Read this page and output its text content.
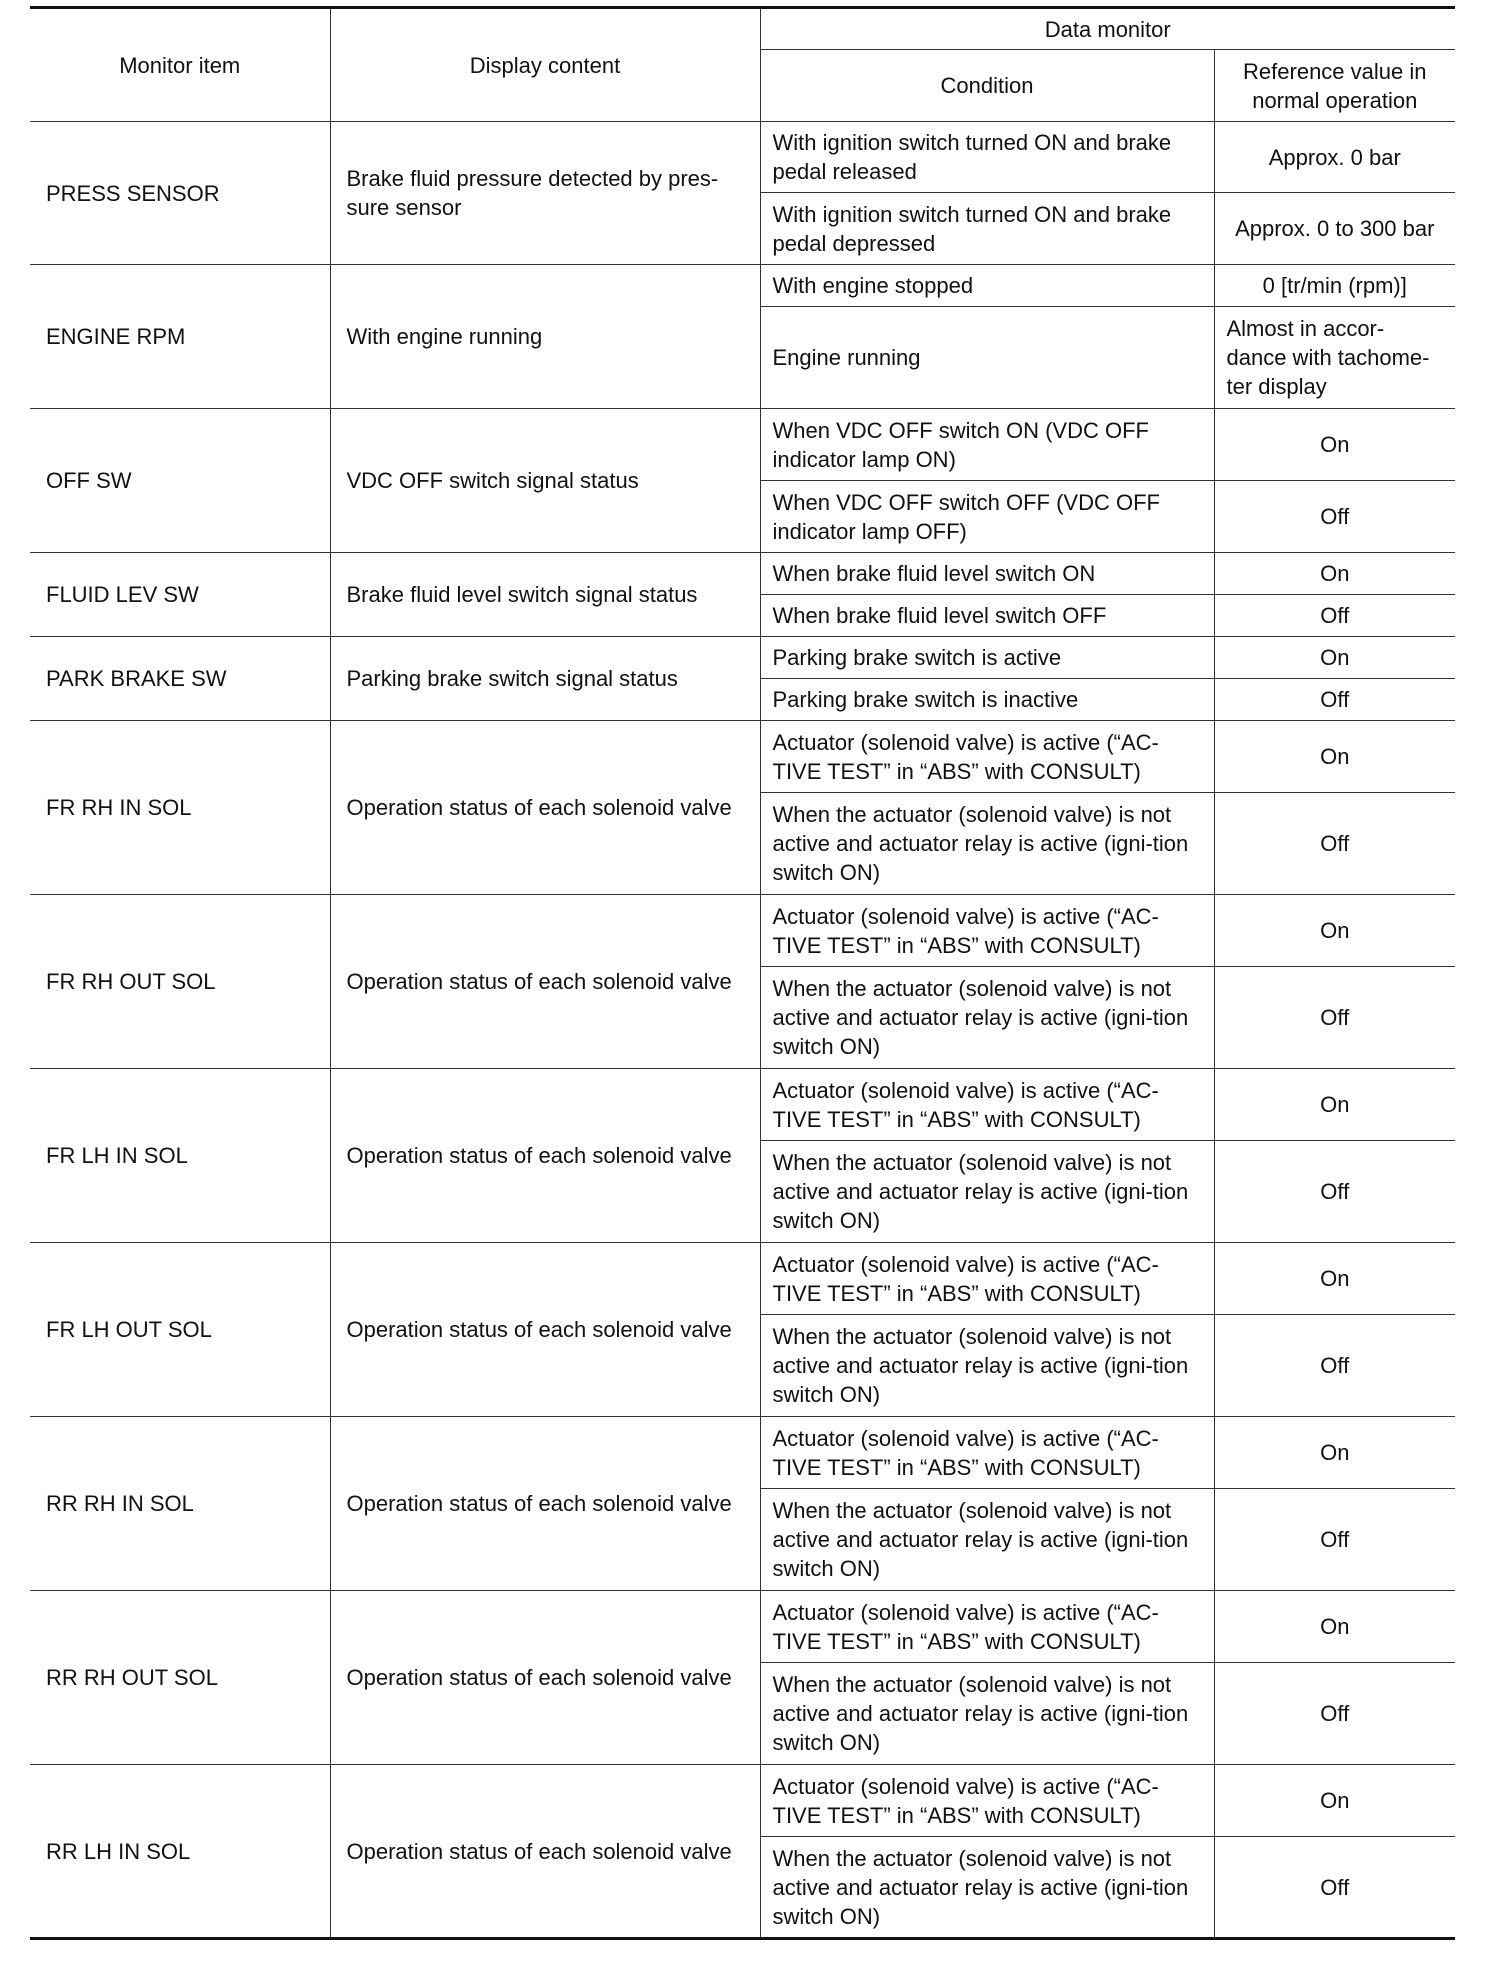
Monitor item	Display content	Data monitor	
		Condition	Reference value in normal operation
PRESS SENSOR	Brake fluid pressure detected by pres-sure sensor	With ignition switch turned ON and brake pedal released	Approx. 0 bar
		With ignition switch turned ON and brake pedal depressed	Approx. 0 to 300 bar
ENGINE RPM	With engine running	With engine stopped	0 [tr/min (rpm)]
		Engine running	Almost in accor-dance with tachome-ter display
OFF SW	VDC OFF switch signal status	When VDC OFF switch ON (VDC OFF indicator lamp ON)	On
		When VDC OFF switch OFF (VDC OFF indicator lamp OFF)	Off
FLUID LEV SW	Brake fluid level switch signal status	When brake fluid level switch ON	On
		When brake fluid level switch OFF	Off
PARK BRAKE SW	Parking brake switch signal status	Parking brake switch is active	On
		Parking brake switch is inactive	Off
FR RH IN SOL	Operation status of each solenoid valve	Actuator (solenoid valve) is active (“AC-TIVE TEST” in “ABS” with CONSULT)	On
		When the actuator (solenoid valve) is not active and actuator relay is active (igni-tion switch ON)	Off
FR RH OUT SOL	Operation status of each solenoid valve	Actuator (solenoid valve) is active (“AC-TIVE TEST” in “ABS” with CONSULT)	On
		When the actuator (solenoid valve) is not active and actuator relay is active (igni-tion switch ON)	Off
FR LH IN SOL	Operation status of each solenoid valve	Actuator (solenoid valve) is active (“AC-TIVE TEST” in “ABS” with CONSULT)	On
		When the actuator (solenoid valve) is not active and actuator relay is active (igni-tion switch ON)	Off
FR LH OUT SOL	Operation status of each solenoid valve	Actuator (solenoid valve) is active (“AC-TIVE TEST” in “ABS” with CONSULT)	On
		When the actuator (solenoid valve) is not active and actuator relay is active (igni-tion switch ON)	Off
RR RH IN SOL	Operation status of each solenoid valve	Actuator (solenoid valve) is active (“AC-TIVE TEST” in “ABS” with CONSULT)	On
		When the actuator (solenoid valve) is not active and actuator relay is active (igni-tion switch ON)	Off
RR RH OUT SOL	Operation status of each solenoid valve	Actuator (solenoid valve) is active (“AC-TIVE TEST” in “ABS” with CONSULT)	On
		When the actuator (solenoid valve) is not active and actuator relay is active (igni-tion switch ON)	Off
RR LH IN SOL	Operation status of each solenoid valve	Actuator (solenoid valve) is active (“AC-TIVE TEST” in “ABS” with CONSULT)	On
		When the actuator (solenoid valve) is not active and actuator relay is active (igni-tion switch ON)	Off
